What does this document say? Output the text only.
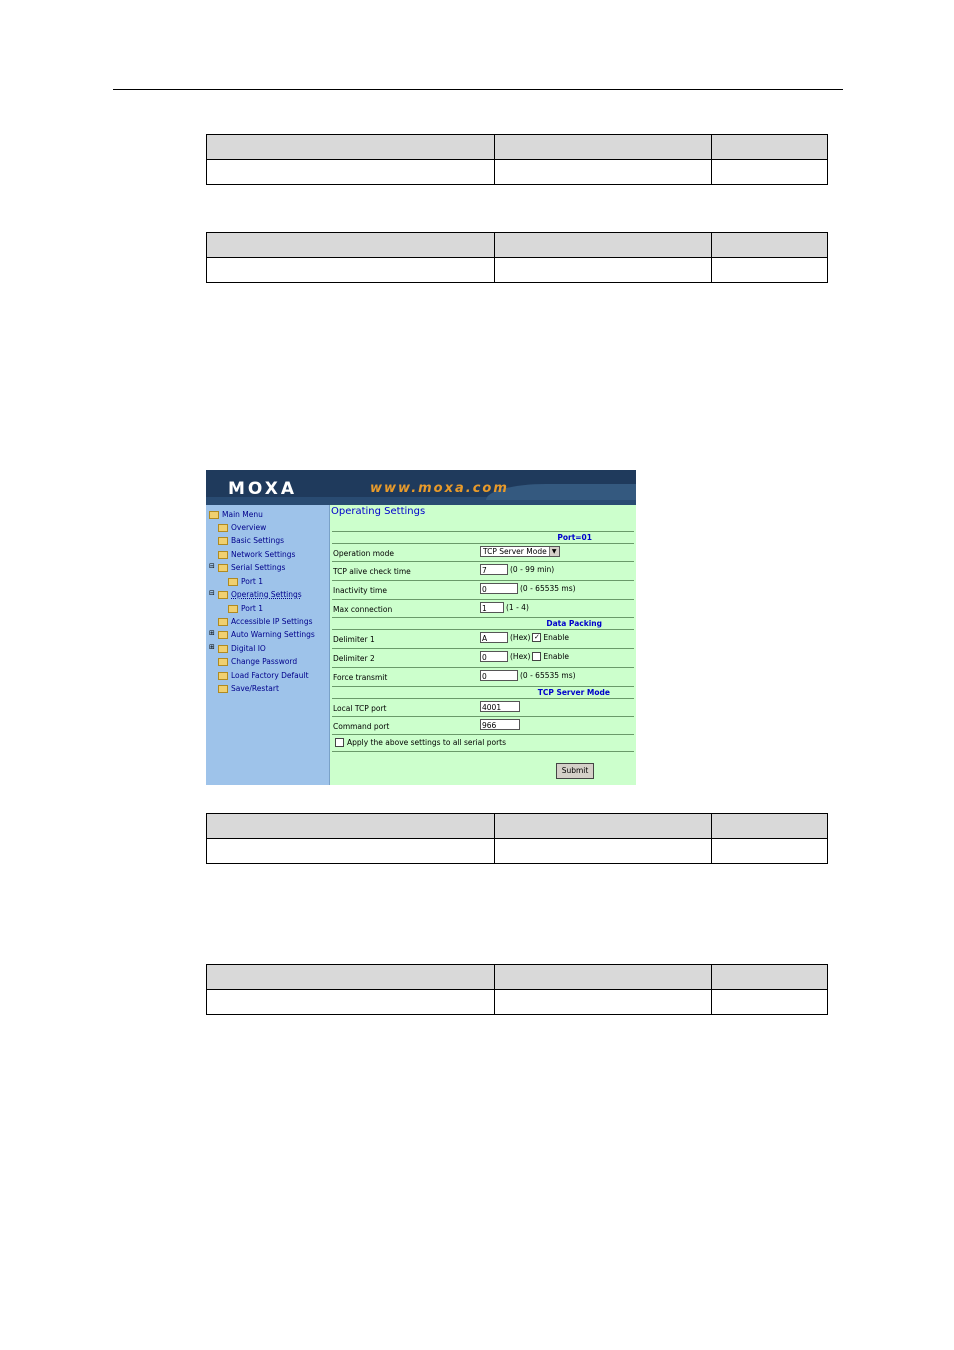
MOXA	www.moxa.com
Main Menu
Overview
Basic Settings
Network Settings
⊟ Serial Settings
Port 1
⊟ Operating Settings
Port 1
Accessible IP Settings
⊞ Auto Warning Settings
⊞ Digital IO
Change Password
Load Factory Default
Save/Restart
Operating Settings
Port=01
Operation mode	TCP Server Mode ▼
TCP alive check time	7	(0 - 99 min)
Inactivity time	0	(0 - 65535 ms)
Max connection	1	(1 - 4)
Data Packing
Delimiter 1	A	(Hex) ✓ Enable
Delimiter 2	0	(Hex) Enable
Force transmit	0	(0 - 65535 ms)
TCP Server Mode
Local TCP port	4001
Command port	966
Apply the above settings to all serial ports
Submit
